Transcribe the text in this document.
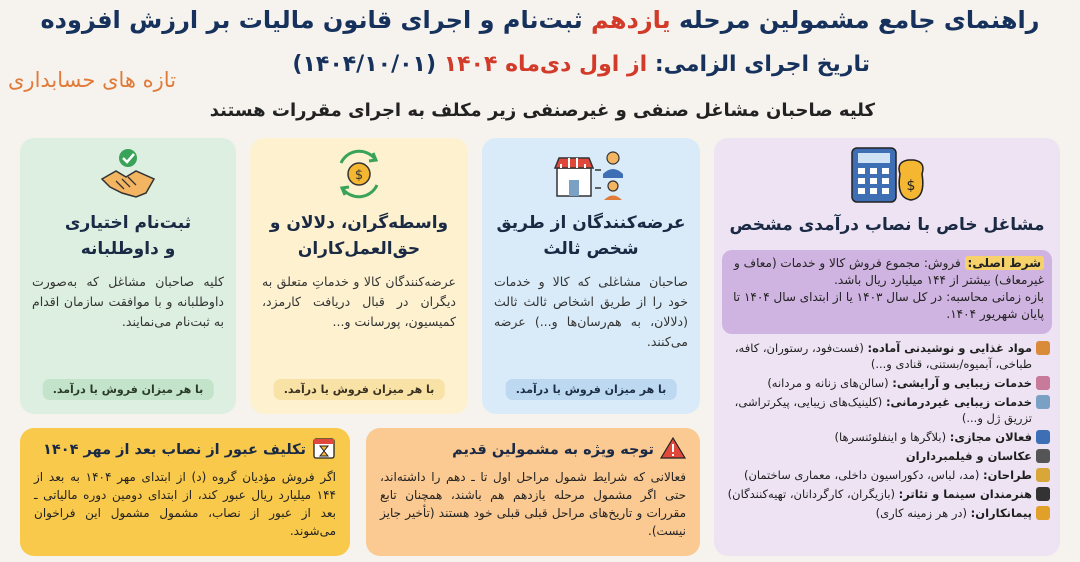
راهنمای جامع مشمولین مرحله یازدهم ثبت‌نام و اجرای قانون مالیات بر ارزش افزوده
تاریخ اجرای الزامی: از اول دی‌ماه ۱۴۰۴ (۱۴۰۴/۱۰/۰۱)
تازه های حسابداری
کلیه صاحبان مشاغل صنفی و غیرصنفی زیر مکلف به اجرای مقررات هستند
ثبت‌نام اختیاری
و داوطلبانه
کلیه صاحبان مشاغل که به‌صورت داوطلبانه و با موافقت سازمان اقدام به ثبت‌نام می‌نمایند.
با هر میزان فروش یا درآمد.
$
واسطه‌گران، دلالان و
حق‌العمل‌کاران
عرضه‌کنندگان کالا و خدماتِ متعلق به دیگران در قبال دریافت کارمزد، کمیسیون، پورسانت و...
با هر میزان فروش یا درآمد.
عرضه‌کنندگان از طریق
شخص ثالث
صاحبان مشاغلی که کالا و خدمات خود را از طریق اشخاص ثالث ثالث (دلالان، به هم‌رسان‌ها و...) عرضه می‌کنند.
با هر میزان فروش یا درآمد.
$
مشاغل خاص با نصاب درآمدی مشخص
شرط اصلی: فروش: مجموع فروش کالا و خدمات (معاف و غیرمعاف) بیشتر از ۱۴۴ میلیارد ریال باشد.
بازه زمانی محاسبه: در کل سال ۱۴۰۳ یا از ابتدای سال ۱۴۰۴ تا پایان شهریور ۱۴۰۴.
مواد غذایی و نوشیدنی آماده: (فست‌فود، رستوران، کافه، طباخی، آبمیوه/بستنی، قنادی و...)
خدمات زیبایی و آرایشی: (سالن‌های زنانه و مردانه)
خدمات زیبایی غیردرمانی: (کلینیک‌های زیبایی، پیکرتراشی، تزریق ژل و...)
فعالان مجازی: (بلاگرها و اینفلوئنسرها)
عکاسان و فیلمبرداران
طراحان: (مد، لباس، دکوراسیون داخلی، معماری ساختمان)
هنرمندان سینما و تئاتر: (بازیگران، کارگردانان، تهیه‌کنندگان)
پیمانکاران: (در هر زمینه کاری)
تکلیف عبور از نصاب بعد از مهر ۱۴۰۴
اگر فروش مؤدیان گروه (د) از ابتدای مهر ۱۴۰۴ به بعد از ۱۴۴ میلیارد ریال عبور کند، از ابتدای دومین دوره مالیاتی ـ بعد از عبور از نصاب، مشمول مشمول این فراخوان می‌شوند.
توجه ویژه به مشمولین قدیم
فعالانی که شرایط شمول مراحل اول تا ـ دهم را داشته‌اند، حتی اگر مشمول مرحله یازدهم هم باشند، همچنان تابع مقررات و تاریخ‌های مراحل قبلی قبلی خود هستند (تأخیر جایز نیست).
